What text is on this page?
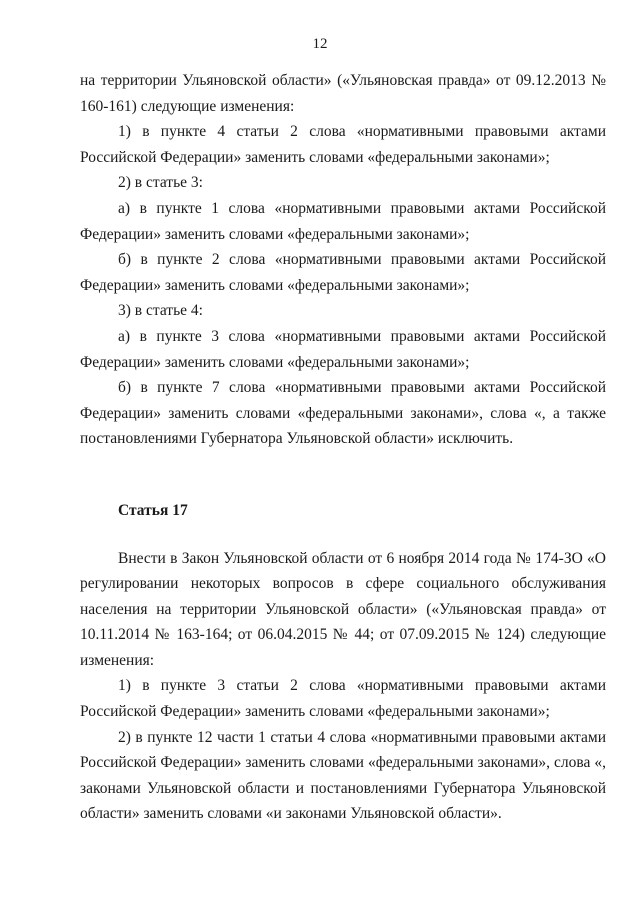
12

на территории Ульяновской области» («Ульяновская правда» от 09.12.2013 № 160-161) следующие изменения:

1) в пункте 4 статьи 2 слова «нормативными правовыми актами Российской Федерации» заменить словами «федеральными законами»;

2) в статье 3:

а) в пункте 1 слова «нормативными правовыми актами Российской Федерации» заменить словами «федеральными законами»;

б) в пункте 2 слова «нормативными правовыми актами Российской Федерации» заменить словами «федеральными законами»;

3) в статье 4:

а) в пункте 3 слова «нормативными правовыми актами Российской Федерации» заменить словами «федеральными законами»;

б) в пункте 7 слова «нормативными правовыми актами Российской Федерации» заменить словами «федеральными законами», слова «, а также постановлениями Губернатора Ульяновской области» исключить.

Статья 17

Внести в Закон Ульяновской области от 6 ноября 2014 года № 174-ЗО «О регулировании некоторых вопросов в сфере социального обслуживания населения на территории Ульяновской области» («Ульяновская правда» от 10.11.2014 № 163-164; от 06.04.2015 № 44; от 07.09.2015 № 124) следующие изменения:

1) в пункте 3 статьи 2 слова «нормативными правовыми актами Российской Федерации» заменить словами «федеральными законами»;

2) в пункте 12 части 1 статьи 4 слова «нормативными правовыми актами Российской Федерации» заменить словами «федеральными законами», слова «, законами Ульяновской области и постановлениями Губернатора Ульяновской области» заменить словами «и законами Ульяновской области».
